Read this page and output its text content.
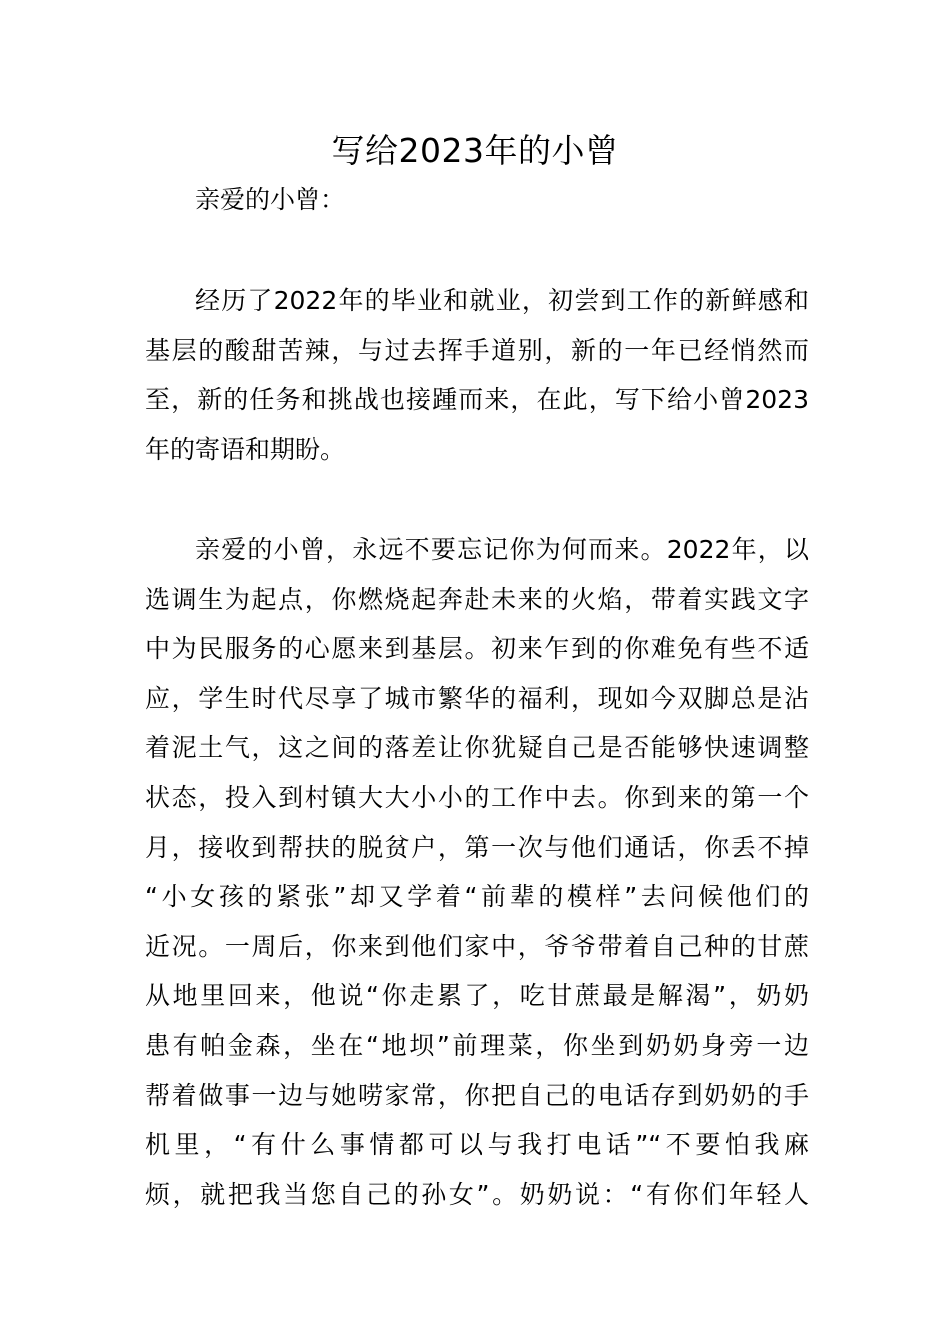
写给2023年的小曾
亲爱的小曾：
经历了2022年的毕业和就业，初尝到工作的新鲜感和
基层的酸甜苦辣，与过去挥手道别，新的一年已经悄然而
至，新的任务和挑战也接踵而来，在此，写下给小曾2023
年的寄语和期盼。
亲爱的小曾，永远不要忘记你为何而来。2022年，以
选调生为起点，你燃烧起奔赴未来的火焰，带着实践文字
中为民服务的心愿来到基层。初来乍到的你难免有些不适
应，学生时代尽享了城市繁华的福利，现如今双脚总是沾
着泥土气，这之间的落差让你犹疑自己是否能够快速调整
状态，投入到村镇大大小小的工作中去。你到来的第一个
月，接收到帮扶的脱贫户，第一次与他们通话，你丢不掉
“小女孩的紧张”却又学着“前辈的模样”去问候他们的
近况。一周后，你来到他们家中，爷爷带着自己种的甘蔗
从地里回来，他说“你走累了，吃甘蔗最是解渴”，奶奶
患有帕金森，坐在“地坝”前理菜，你坐到奶奶身旁一边
帮着做事一边与她唠家常，你把自己的电话存到奶奶的手
机里，“有什么事情都可以与我打电话”“不要怕我麻
烦，就把我当您自己的孙女”。奶奶说：“有你们年轻人
